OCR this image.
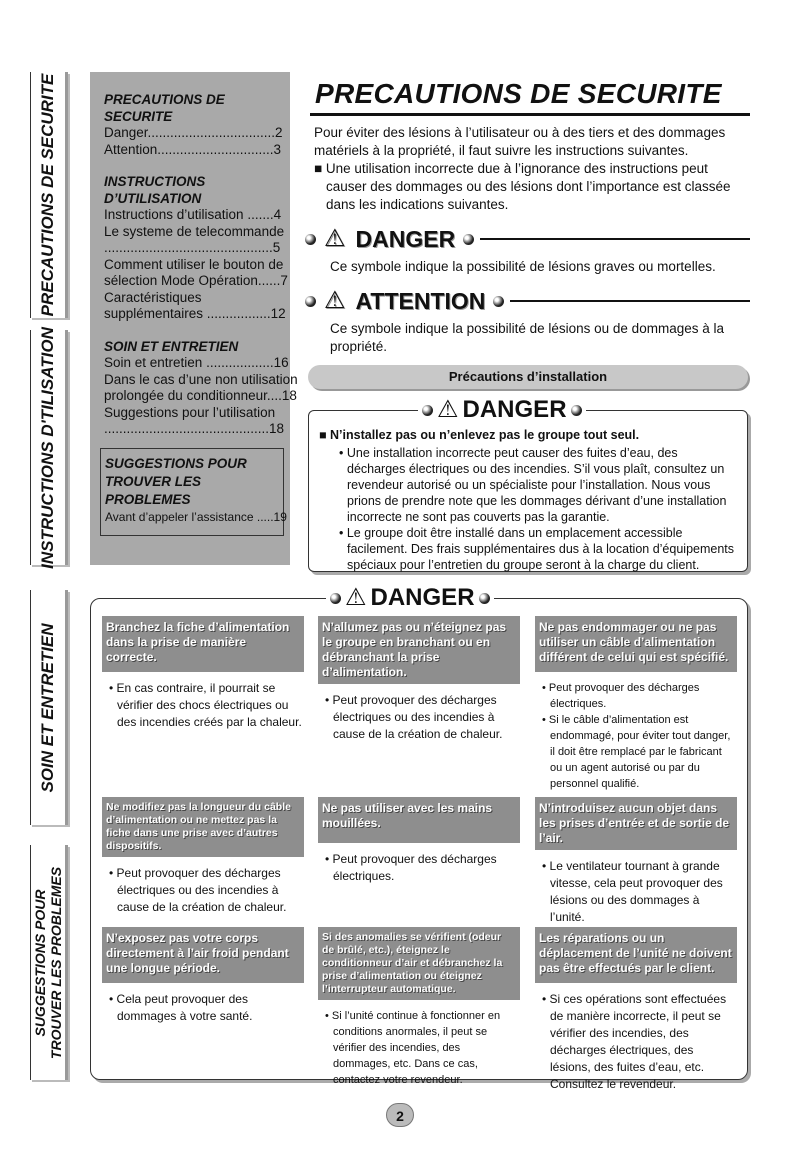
PRECAUTIONS DE SECURITE
INSTRUCTIONS D'TILISATION
SOIN ET ENTRETIEN
SUGGESTIONS POUR
TROUVER LES PROBLEMES
PRECAUTIONS DE SECURITE
Danger..................................2
Attention...............................3
INSTRUCTIONS D’UTILISATION
Instructions d’utilisation .......4
Le systeme de telecommande
.............................................5
Comment utiliser le bouton de
sélection Mode Opération......7
Caractéristiques
supplémentaires .................12
SOIN ET ENTRETIEN
Soin et entretien ..................16
Dans le cas d’une non utilisation
prolongée du conditionneur....18
Suggestions pour l’utilisation
............................................18
SUGGESTIONS POUR TROUVER LES PROBLEMES
Avant d’appeler l’assistance .....19
PRECAUTIONS DE SECURITE
Pour éviter des lésions à l’utilisateur ou à des tiers et des dommages matériels à la propriété, il faut suivre les instructions suivantes.
■ Une utilisation incorrecte due à l’ignorance des instructions peut causer des dommages ou des lésions dont l’importance est classée dans les indications suivantes.
⚠ DANGER
Ce symbole indique la possibilité de lésions graves ou mortelles.
⚠ ATTENTION
Ce symbole indique la possibilité de lésions ou de dommages à la propriété.
Précautions d’installation
■ N’installez pas ou n’enlevez pas le groupe tout seul.
• Une installation incorrecte peut causer des fuites d’eau, des décharges électriques ou des incendies. S’il vous plaît, consultez un revendeur autorisé ou un spécialiste pour l’installation. Nous vous prions de prendre note que les dommages dérivant d’une installation incorrecte ne sont pas couverts pas la garantie.
• Le groupe doit être installé dans un emplacement accessible facilement. Des frais supplémentaires dus à la location d’équipements spéciaux pour l’entretien du groupe seront à la charge du client.
⚠ DANGER
⚠ DANGER
Branchez la fiche d’alimentation dans la prise de manière correcte.

• En cas contraire, il pourrait se vérifier des chocs électriques ou des incendies créés par la chaleur.

N’allumez pas ou n’éteignez pas le groupe en branchant ou en débranchant la prise d’alimentation.

• Peut provoquer des décharges électriques ou des incendies à cause de la création de chaleur.

Ne pas endommager ou ne pas utiliser un câble d’alimentation différent de celui qui est spécifié.

• Peut provoquer des décharges électriques.

• Si le câble d’alimentation est endommagé, pour éviter tout danger, il doit être remplacé par le fabricant ou un agent autorisé ou par du personnel qualifié.

Ne modifiez pas la longueur du câble d’alimentation ou ne mettez pas la fiche dans une prise avec d’autres dispositifs.

• Peut provoquer des décharges électriques ou des incendies à cause de la création de chaleur.

Ne pas utiliser avec les mains mouillées.

• Peut provoquer des décharges électriques.

N’introduisez aucun objet dans les prises d’entrée et de sortie de l’air.

• Le ventilateur tournant à grande vitesse, cela peut provoquer des lésions ou des dommages à l’unité.

N’exposez pas votre corps directement à l’air froid pendant une longue période.

• Cela peut provoquer des dommages à votre santé.

Si des anomalies se vérifient (odeur de brûlé, etc.), éteignez le conditionneur d’air et débranchez la prise d’alimentation ou éteignez l’interrupteur automatique.

• Si l’unité continue à fonctionner en conditions anormales, il peut se vérifier des incendies, des dommages, etc. Dans ce cas, contactez votre revendeur.

Les réparations ou un déplacement de l’unité ne doivent pas être effectués par le client.

• Si ces opérations sont effectuées de manière incorrecte, il peut se vérifier des incendies, des décharges électriques, des lésions, des fuites d’eau, etc. Consultez le revendeur.

2
